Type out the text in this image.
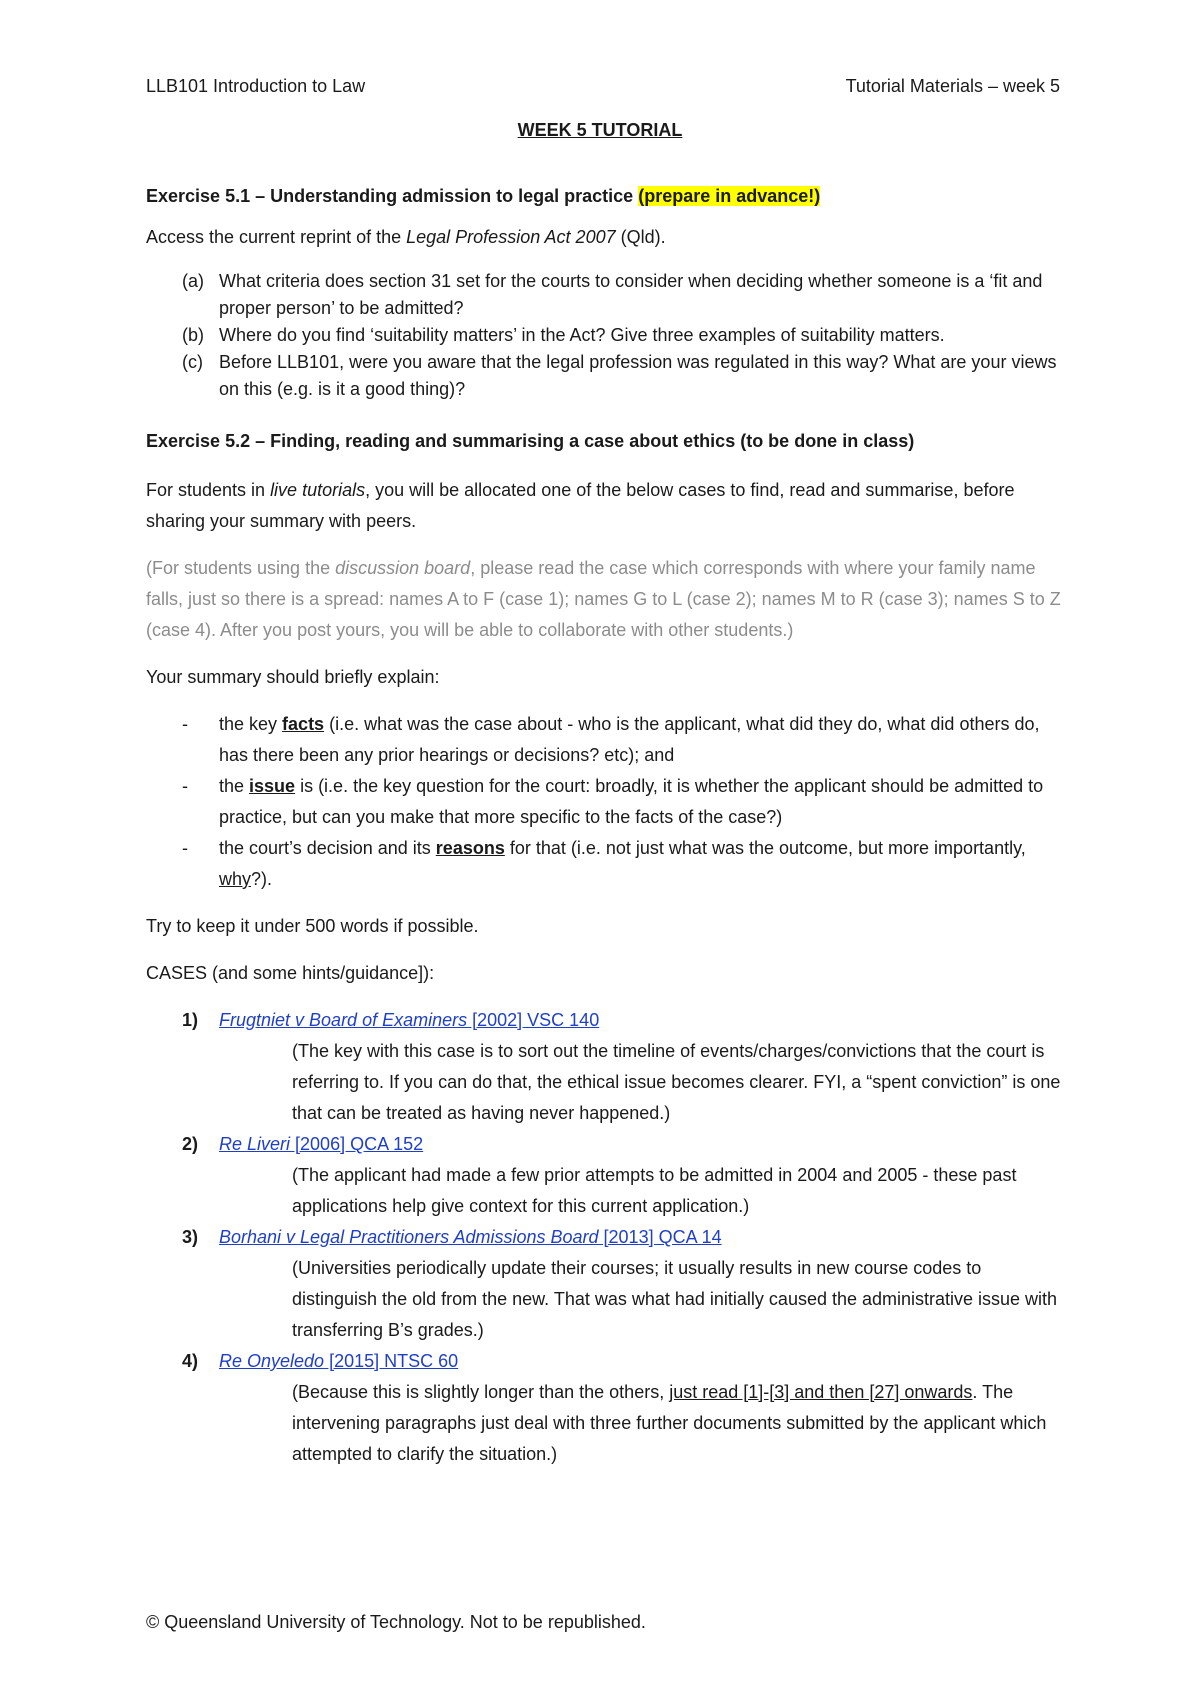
LLB101 Introduction to Law	Tutorial Materials – week 5
WEEK 5 TUTORIAL

Exercise 5.1 – Understanding admission to legal practice (prepare in advance!)

Access the current reprint of the Legal Profession Act 2007 (Qld).

(a) What criteria does section 31 set for the courts to consider when deciding whether someone is a ‘fit and proper person’ to be admitted?
(b) Where do you find ‘suitability matters’ in the Act? Give three examples of suitability matters.
(c) Before LLB101, were you aware that the legal profession was regulated in this way? What are your views on this (e.g. is it a good thing)?

Exercise 5.2 – Finding, reading and summarising a case about ethics (to be done in class)

For students in live tutorials, you will be allocated one of the below cases to find, read and summarise, before sharing your summary with peers.

(For students using the discussion board, please read the case which corresponds with where your family name falls, just so there is a spread: names A to F (case 1); names G to L (case 2); names M to R (case 3); names S to Z (case 4). After you post yours, you will be able to collaborate with other students.)

Your summary should briefly explain:

- the key facts (i.e. what was the case about - who is the applicant, what did they do, what did others do, has there been any prior hearings or decisions? etc); and
- the issue is (i.e. the key question for the court: broadly, it is whether the applicant should be admitted to practice, but can you make that more specific to the facts of the case?)
- the court’s decision and its reasons for that (i.e. not just what was the outcome, but more importantly, why?).

Try to keep it under 500 words if possible.

CASES (and some hints/guidance]):

1) Frugtniet v Board of Examiners [2002] VSC 140
(The key with this case is to sort out the timeline of events/charges/convictions that the court is referring to. If you can do that, the ethical issue becomes clearer. FYI, a “spent conviction” is one that can be treated as having never happened.)
2) Re Liveri [2006] QCA 152
(The applicant had made a few prior attempts to be admitted in 2004 and 2005 - these past applications help give context for this current application.)
3) Borhani v Legal Practitioners Admissions Board [2013] QCA 14
(Universities periodically update their courses; it usually results in new course codes to distinguish the old from the new. That was what had initially caused the administrative issue with transferring B’s grades.)
4) Re Onyeledo [2015] NTSC 60
(Because this is slightly longer than the others, just read [1]-[3] and then [27] onwards. The intervening paragraphs just deal with three further documents submitted by the applicant which attempted to clarify the situation.)
© Queensland University of Technology. Not to be republished.
